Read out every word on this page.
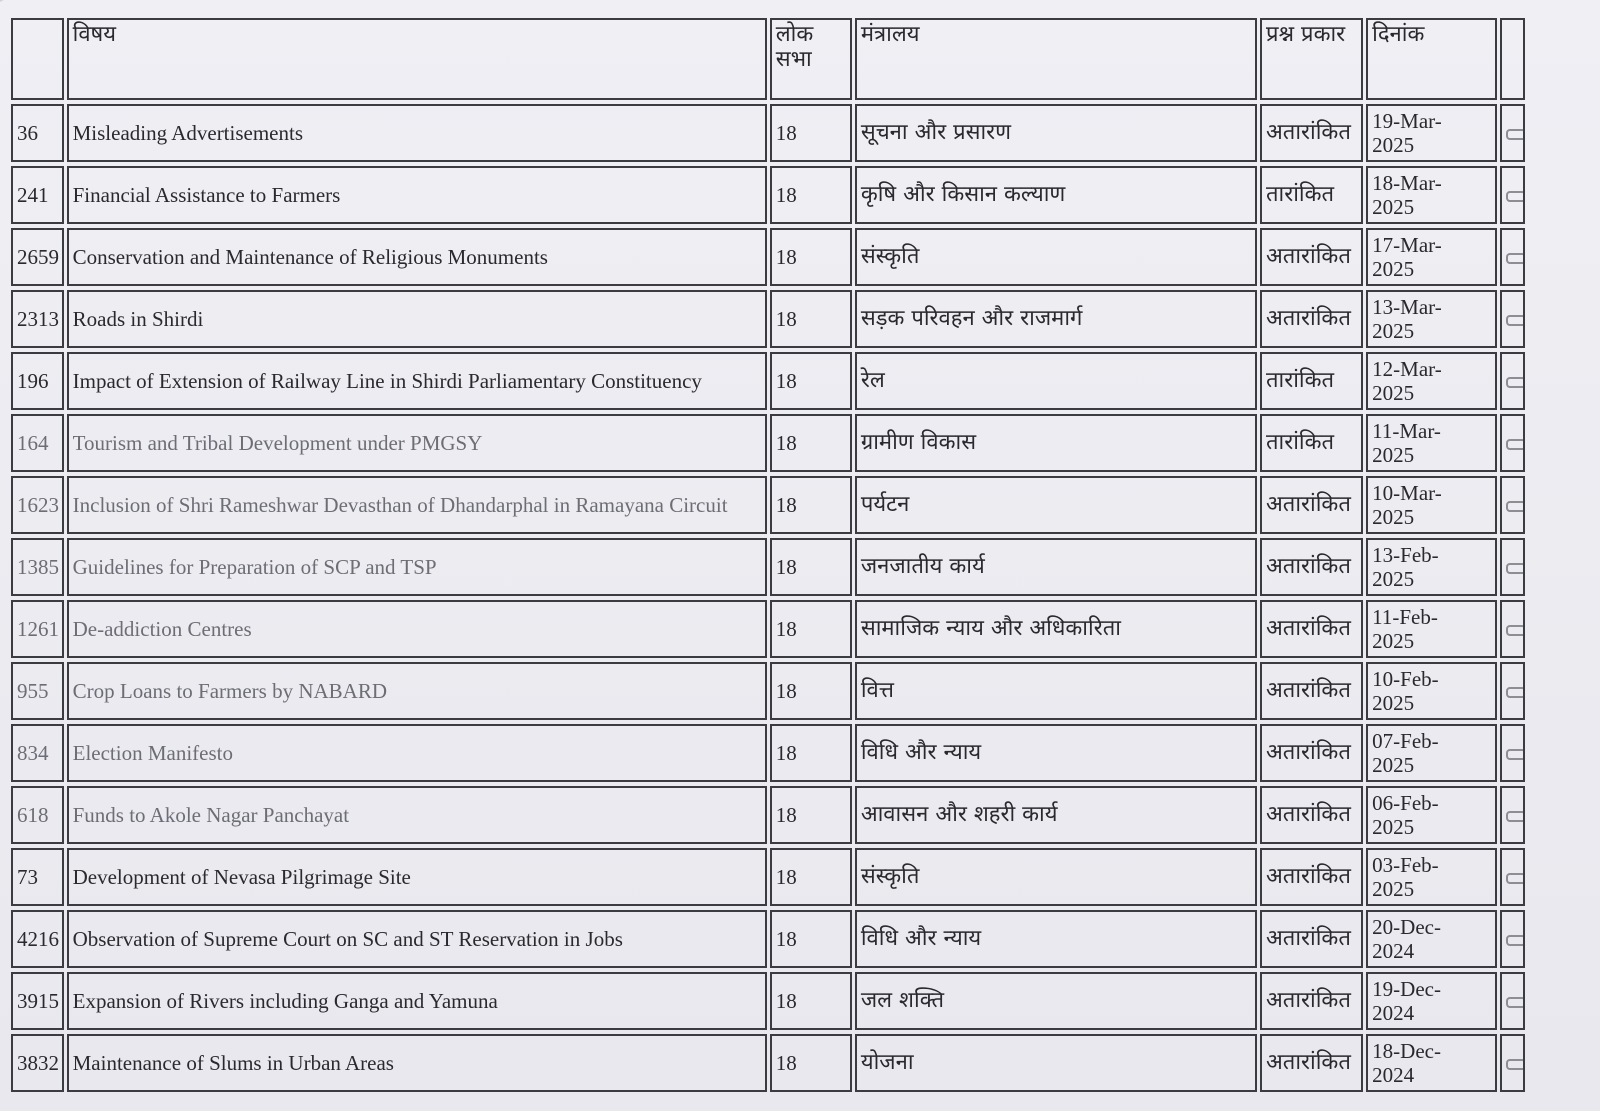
	विषय	लोक सभा	मंत्रालय	प्रश्न प्रकार	दिनांक	
36	Misleading Advertisements	18	सूचना और प्रसारण	अतारांकित	19-Mar-
2025	
241	Financial Assistance to Farmers	18	कृषि और किसान कल्याण	तारांकित	18-Mar-
2025	
2659	Conservation and Maintenance of Religious Monuments	18	संस्कृति	अतारांकित	17-Mar-
2025	
2313	Roads in Shirdi	18	सड़क परिवहन और राजमार्ग	अतारांकित	13-Mar-
2025	
196	Impact of Extension of Railway Line in Shirdi Parliamentary Constituency	18	रेल	तारांकित	12-Mar-
2025	
164	Tourism and Tribal Development under PMGSY	18	ग्रामीण विकास	तारांकित	11-Mar-
2025	
1623	Inclusion of Shri Rameshwar Devasthan of Dhandarphal in Ramayana Circuit	18	पर्यटन	अतारांकित	10-Mar-
2025	
1385	Guidelines for Preparation of SCP and TSP	18	जनजातीय कार्य	अतारांकित	13-Feb-
2025	
1261	De-addiction Centres	18	सामाजिक न्याय और अधिकारिता	अतारांकित	11-Feb-
2025	
955	Crop Loans to Farmers by NABARD	18	वित्त	अतारांकित	10-Feb-
2025	
834	Election Manifesto	18	विधि और न्याय	अतारांकित	07-Feb-
2025	
618	Funds to Akole Nagar Panchayat	18	आवासन और शहरी कार्य	अतारांकित	06-Feb-
2025	
73	Development of Nevasa Pilgrimage Site	18	संस्कृति	अतारांकित	03-Feb-
2025	
4216	Observation of Supreme Court on SC and ST Reservation in Jobs	18	विधि और न्याय	अतारांकित	20-Dec-
2024	
3915	Expansion of Rivers including Ganga and Yamuna	18	जल शक्ति	अतारांकित	19-Dec-
2024	
3832	Maintenance of Slums in Urban Areas	18	योजना	अतारांकित	18-Dec-
2024	
